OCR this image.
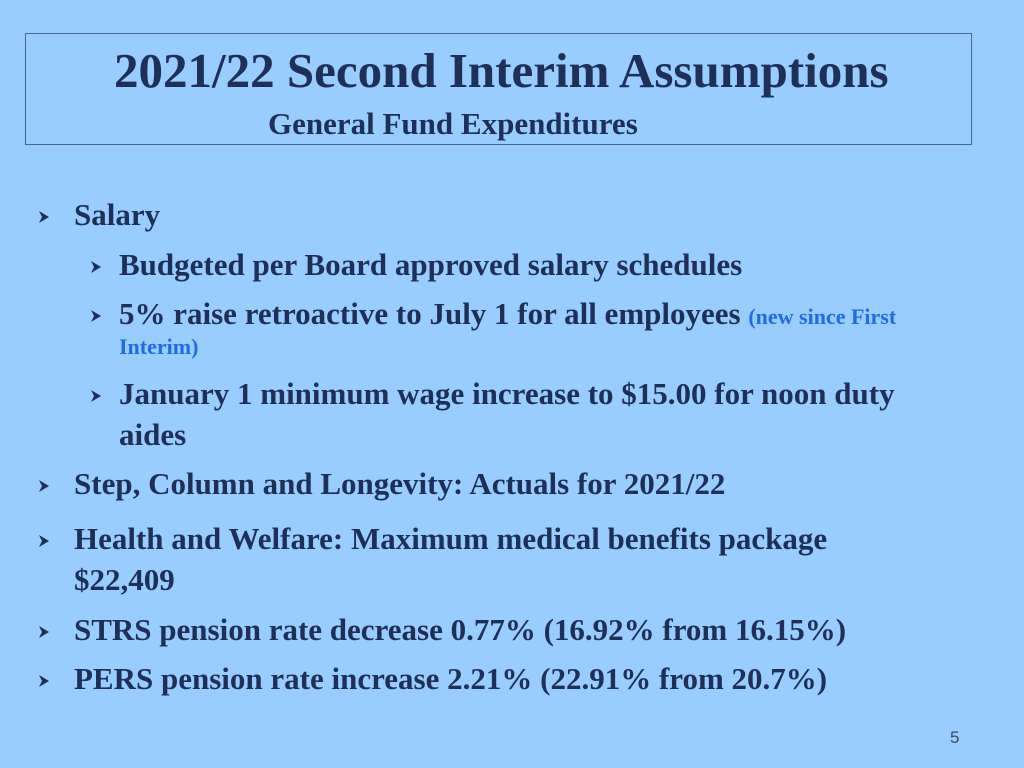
2021/22 Second Interim Assumptions
General Fund Expenditures
Salary
Budgeted per Board approved salary schedules
5% raise retroactive to July 1 for all employees (new since First
Interim)
January 1 minimum wage increase to $15.00 for noon duty
aides
Step, Column and Longevity: Actuals for 2021/22
Health and Welfare: Maximum medical benefits package
$22,409
STRS pension rate decrease 0.77% (16.92% from 16.15%)
PERS pension rate increase 2.21% (22.91% from 20.7%)
5
